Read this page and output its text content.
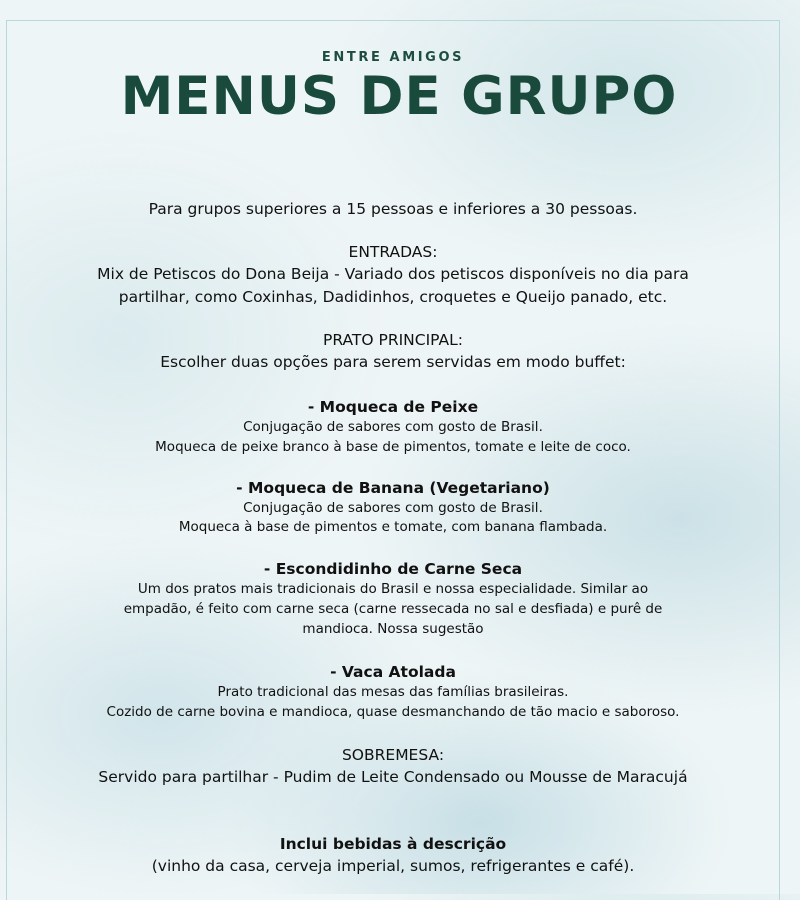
ENTRE AMIGOS
MENUS DE GRUPO
Para grupos superiores a 15 pessoas e inferiores a 30 pessoas.
ENTRADAS:
Mix de Petiscos do Dona Beija - Variado dos petiscos disponíveis no dia para
partilhar, como Coxinhas, Dadidinhos, croquetes e Queijo panado, etc.
PRATO PRINCIPAL:
Escolher duas opções para serem servidas em modo buffet:
- Moqueca de Peixe
Conjugação de sabores com gosto de Brasil.
Moqueca de peixe branco à base de pimentos, tomate e leite de coco.
- Moqueca de Banana (Vegetariano)
Conjugação de sabores com gosto de Brasil.
Moqueca à base de pimentos e tomate, com banana flambada.
- Escondidinho de Carne Seca
Um dos pratos mais tradicionais do Brasil e nossa especialidade. Similar ao
empadão, é feito com carne seca (carne ressecada no sal e desfiada) e purê de
mandioca. Nossa sugestão
- Vaca Atolada
Prato tradicional das mesas das famílias brasileiras.
Cozido de carne bovina e mandioca, quase desmanchando de tão macio e saboroso.
SOBREMESA:
Servido para partilhar - Pudim de Leite Condensado ou Mousse de Maracujá
Inclui bebidas à descrição
(vinho da casa, cerveja imperial, sumos, refrigerantes e café).
